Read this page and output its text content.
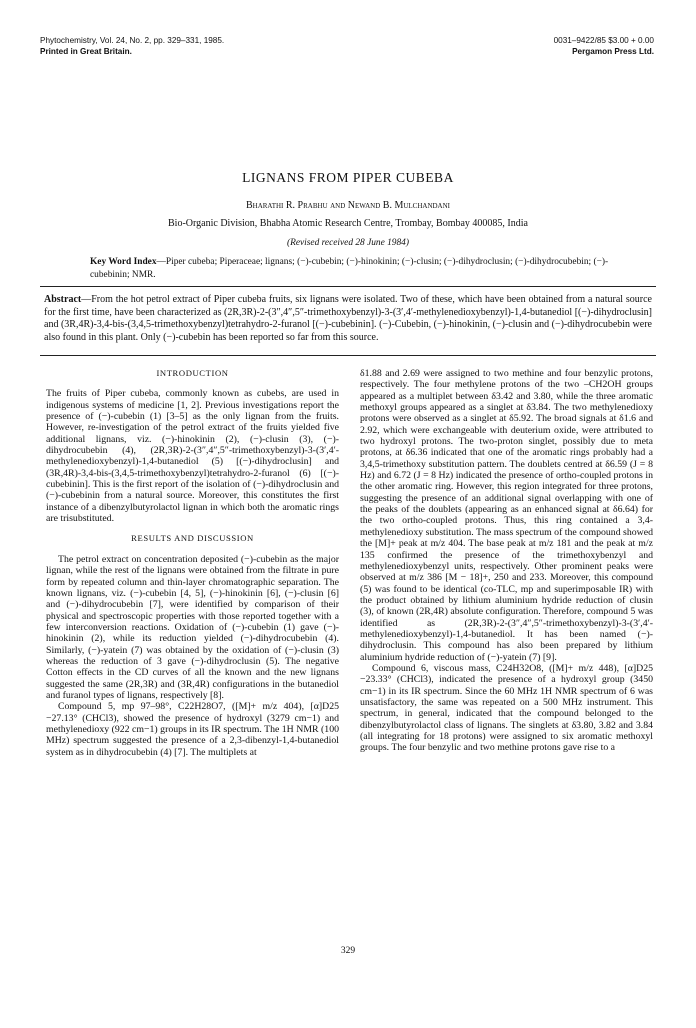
Phytochemistry, Vol. 24, No. 2, pp. 329–331, 1985.
Printed in Great Britain.
0031–9422/85 $3.00 + 0.00
Pergamon Press Ltd.
LIGNANS FROM PIPER CUBEBA
Bharathi R. Prabhu and Newand B. Mulchandani
Bio-Organic Division, Bhabha Atomic Research Centre, Trombay, Bombay 400085, India
(Revised received 28 June 1984)
Key Word Index—Piper cubeba; Piperaceae; lignans; (−)-cubebin; (−)-hinokinin; (−)-clusin; (−)-dihydroclusin; (−)-dihydrocubebin; (−)-cubebinin; NMR.
Abstract—From the hot petrol extract of Piper cubeba fruits, six lignans were isolated. Two of these, which have been obtained from a natural source for the first time, have been characterized as (2R,3R)-2-(3″,4″,5″-trimethoxybenzyl)-3-(3′,4′-methylenedioxybenzyl)-1,4-butanediol [(−)-dihydroclusin] and (3R,4R)-3,4-bis-(3,4,5-trimethoxybenzyl)tetrahydro-2-furanol [(−)-cubebinin]. (−)-Cubebin, (−)-hinokinin, (−)-clusin and (−)-dihydrocubebin were also found in this plant. Only (−)-cubebin has been reported so far from this source.
INTRODUCTION

The fruits of Piper cubeba, commonly known as cubebs, are used in indigenous systems of medicine [1, 2]. Previous investigations report the presence of (−)-cubebin (1) [3–5] as the only lignan from the fruits. However, re-investigation of the petrol extract of the fruits yielded five additional lignans, viz. (−)-hinokinin (2), (−)-clusin (3), (−)-dihydrocubebin (4), (2R,3R)-2-(3″,4″,5″-trimethoxybenzyl)-3-(3′,4′-methylenedioxybenzyl)-1,4-butanediol (5) [(−)-dihydroclusin] and (3R,4R)-3,4-bis-(3,4,5-trimethoxybenzyl)tetrahydro-2-furanol (6) [(−)-cubebinin]. This is the first report of the isolation of (−)-dihydroclusin and (−)-cubebinin from a natural source. Moreover, this constitutes the first instance of a dibenzylbutyrolactol lignan in which both the aromatic rings are trisubstituted.

RESULTS AND DISCUSSION

The petrol extract on concentration deposited (−)-cubebin as the major lignan, while the rest of the lignans were obtained from the filtrate in pure form by repeated column and thin-layer chromatographic separation. The known lignans, viz. (−)-cubebin [4, 5], (−)-hinokinin [6], (−)-clusin [6] and (−)-dihydrocubebin [7], were identified by comparison of their physical and spectroscopic properties with those reported together with a few interconversion reactions. Oxidation of (−)-cubebin (1) gave (−)-hinokinin (2), while its reduction yielded (−)-dihydrocubebin (4). Similarly, (−)-yatein (7) was obtained by the oxidation of (−)-clusin (3) whereas the reduction of 3 gave (−)-dihydroclusin (5). The negative Cotton effects in the CD curves of all the known and the new lignans suggested the same (2R,3R) and (3R,4R) configurations in the butanediol and furanol types of lignans, respectively [8].

Compound 5, mp 97–98°, C22H28O7, ([M]+ m/z 404), [α]D25 −27.13° (CHCl3), showed the presence of hydroxyl (3279 cm−1) and methylenedioxy (922 cm−1) groups in its IR spectrum. The 1H NMR (100 MHz) spectrum suggested the presence of a 2,3-dibenzyl-1,4-butanediol system as in dihydrocubebin (4) [7]. The multiplets at

δ1.88 and 2.69 were assigned to two methine and four benzylic protons, respectively. The four methylene protons of the two –CH2OH groups appeared as a multiplet between δ3.42 and 3.80, while the three aromatic methoxyl groups appeared as a singlet at δ3.84. The two methylenedioxy protons were observed as a singlet at δ5.92. The broad signals at δ1.6 and 2.92, which were exchangeable with deuterium oxide, were attributed to two hydroxyl protons. The two-proton singlet, possibly due to meta protons, at δ6.36 indicated that one of the aromatic rings probably had a 3,4,5-trimethoxy substitution pattern. The doublets centred at δ6.59 (J = 8 Hz) and 6.72 (J = 8 Hz) indicated the presence of ortho-coupled protons in the other aromatic ring. However, this region integrated for three protons, suggesting the presence of an additional signal overlapping with one of the peaks of the doublets (appearing as an enhanced signal at δ6.64) for the two ortho-coupled protons. Thus, this ring contained a 3,4-methylenedioxy substitution. The mass spectrum of the compound showed the [M]+ peak at m/z 404. The base peak at m/z 181 and the peak at m/z 135 confirmed the presence of the trimethoxybenzyl and methylenedioxybenzyl units, respectively. Other prominent peaks were observed at m/z 386 [M − 18]+, 250 and 233. Moreover, this compound (5) was found to be identical (co-TLC, mp and superimposable IR) with the product obtained by lithium aluminium hydride reduction of clusin (3), of known (2R,4R) absolute configuration. Therefore, compound 5 was identified as (2R,3R)-2-(3″,4″,5″-trimethoxybenzyl)-3-(3′,4′-methylenedioxybenzyl)-1,4-butanediol. It has been named (−)-dihydroclusin. This compound has also been prepared by lithium aluminium hydride reduction of (−)-yatein (7) [9].

Compound 6, viscous mass, C24H32O8, ([M]+ m/z 448), [α]D25 −23.33° (CHCl3), indicated the presence of a hydroxyl group (3450 cm−1) in its IR spectrum. Since the 60 MHz 1H NMR spectrum of 6 was unsatisfactory, the same was repeated on a 500 MHz instrument. This spectrum, in general, indicated that the compound belonged to the dibenzylbutyrolactol class of lignans. The singlets at δ3.80, 3.82 and 3.84 (all integrating for 18 protons) were assigned to six aromatic methoxyl groups. The four benzylic and two methine protons gave rise to a

329
